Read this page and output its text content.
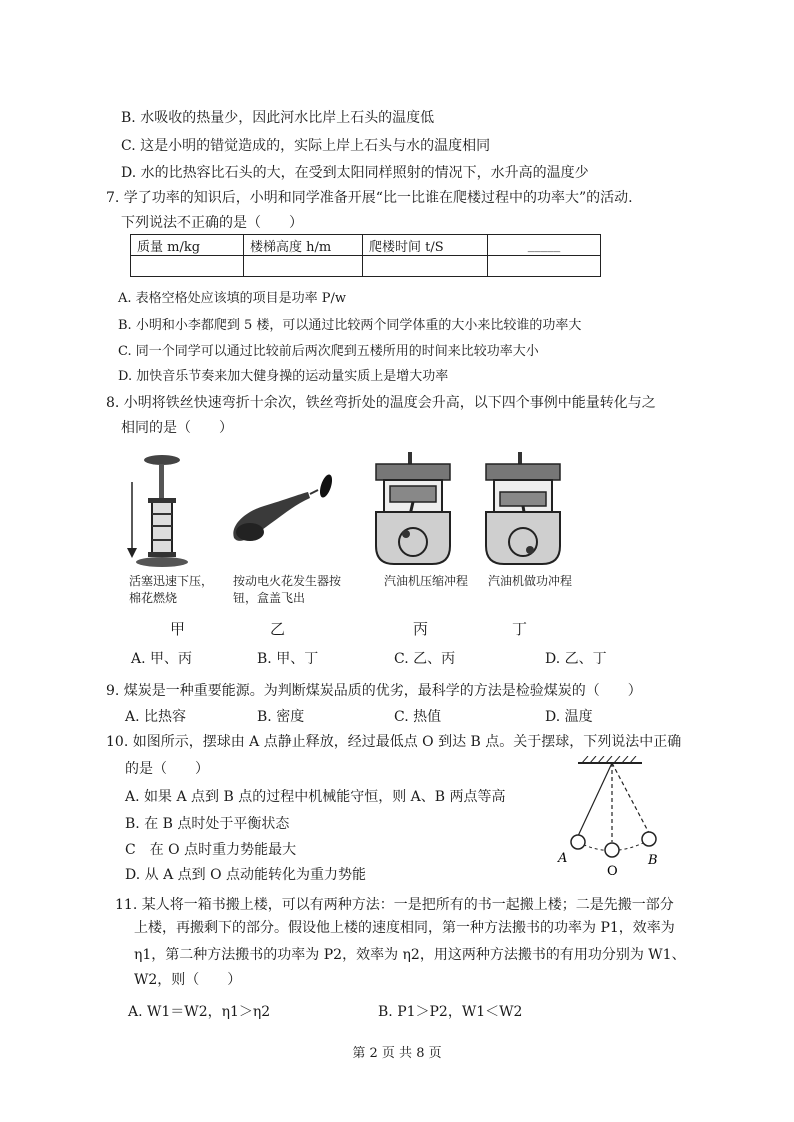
B. 水吸收的热量少，因此河水比岸上石头的温度低
C. 这是小明的错觉造成的，实际上岸上石头与水的温度相同
D. 水的比热容比石头的大，在受到太阳同样照射的情况下，水升高的温度少
7. 学了功率的知识后，小明和同学准备开展“比一比谁在爬楼过程中的功率大”的活动.
下列说法不正确的是（　　）
质量 m/kg	楼梯高度 h/m	爬楼时间 t/S	_____

A. 表格空格处应该填的项目是功率 P/w
B. 小明和小李都爬到 5 楼，可以通过比较两个同学体重的大小来比较谁的功率大
C. 同一个同学可以通过比较前后两次爬到五楼所用的时间来比较功率大小
D. 加快音乐节奏来加大健身操的运动量实质上是增大功率
8. 小明将铁丝快速弯折十余次，铁丝弯折处的温度会升高，以下四个事例中能量转化与之
相同的是（　　）
活塞迅速下压，
棉花燃烧
按动电火花发生器按
钮，盒盖飞出
汽油机压缩冲程 汽油机做功冲程
甲	乙	丙	丁
A. 甲、丙	B. 甲、丁	C. 乙、丙	D. 乙、丁
9. 煤炭是一种重要能源。为判断煤炭品质的优劣，最科学的方法是检验煤炭的（　　）
A. 比热容	B. 密度	C. 热值	D. 温度
10. 如图所示，摆球由 A 点静止释放，经过最低点 O 到达 B 点。关于摆球，下列说法中正确
的是（　　）
A. 如果 A 点到 B 点的过程中机械能守恒，则 A、B 两点等高
B. 在 B 点时处于平衡状态
C　在 O 点时重力势能最大
D. 从 A 点到 O 点动能转化为重力势能
A
O
B
11. 某人将一箱书搬上楼，可以有两种方法：一是把所有的书一起搬上楼；二是先搬一部分
上楼，再搬剩下的部分。假设他上楼的速度相同，第一种方法搬书的功率为 P1，效率为
η1，第二种方法搬书的功率为 P2，效率为 η2，用这两种方法搬书的有用功分别为 W1、
W2，则（　　）
A. W1＝W2，η1＞η2	B. P1＞P2，W1＜W2
第 2 页 共 8 页
